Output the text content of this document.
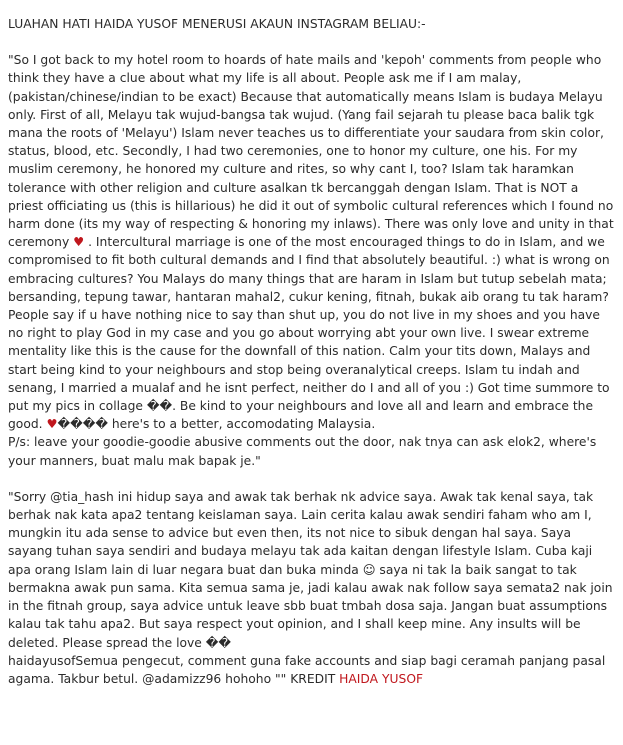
LUAHAN HATI HAIDA YUSOF MENERUSI AKAUN INSTAGRAM BELIAU:-
"So I got back to my hotel room to hoards of hate mails and 'kepoh' comments from people who think they have a clue about what my life is all about. People ask me if I am malay, (pakistan/chinese/indian to be exact) Because that automatically means Islam is budaya Melayu only. First of all, Melayu tak wujud-bangsa tak wujud. (Yang fail sejarah tu please baca balik tgk mana the roots of 'Melayu') Islam never teaches us to differentiate your saudara from skin color, status, blood, etc. Secondly, I had two ceremonies, one to honor my culture, one his. For my muslim ceremony, he honored my culture and rites, so why cant I, too? Islam tak haramkan tolerance with other religion and culture asalkan tk bercanggah dengan Islam. That is NOT a priest officiating us (this is hillarious) he did it out of symbolic cultural references which I found no harm done (its my way of respecting & honoring my inlaws). There was only love and unity in that ceremony ♥ . Intercultural marriage is one of the most encouraged things to do in Islam, and we compromised to fit both cultural demands and I find that absolutely beautiful. :) what is wrong on embracing cultures? You Malays do many things that are haram in Islam but tutup sebelah mata; bersanding, tepung tawar, hantaran mahal2, cukur kening, fitnah, bukak aib orang tu tak haram? People say if u have nothing nice to say than shut up, you do not live in my shoes and you have no right to play God in my case and you go about worrying abt your own live. I swear extreme mentality like this is the cause for the downfall of this nation. Calm your tits down, Malays and start being kind to your neighbours and stop being overanalytical creeps. Islam tu indah and senang, I married a mualaf and he isnt perfect, neither do I and all of you :) Got time summore to put my pics in collage ��. Be kind to your neighbours and love all and learn and embrace the good. ♥���� here's to a better, accomodating Malaysia.
P/s: leave your goodie-goodie abusive comments out the door, nak tnya can ask elok2, where's your manners, buat malu mak bapak je."
"Sorry @tia_hash ini hidup saya and awak tak berhak nk advice saya. Awak tak kenal saya, tak berhak nak kata apa2 tentang keislaman saya. Lain cerita kalau awak sendiri faham who am I, mungkin itu ada sense to advice but even then, its not nice to sibuk dengan hal saya. Saya sayang tuhan saya sendiri and budaya melayu tak ada kaitan dengan lifestyle Islam. Cuba kaji apa orang Islam lain di luar negara buat dan buka minda ☺ saya ni tak la baik sangat to tak bermakna awak pun sama. Kita semua sama je, jadi kalau awak nak follow saya semata2 nak join in the fitnah group, saya advice untuk leave sbb buat tmbah dosa saja. Jangan buat assumptions kalau tak tahu apa2. But saya respect yout opinion, and I shall keep mine. Any insults will be deleted. Please spread the love ��
haidayusofSemua pengecut, comment guna fake accounts and siap bagi ceramah panjang pasal agama. Takbur betul. @adamizz96 hohoho "" KREDIT HAIDA YUSOF
